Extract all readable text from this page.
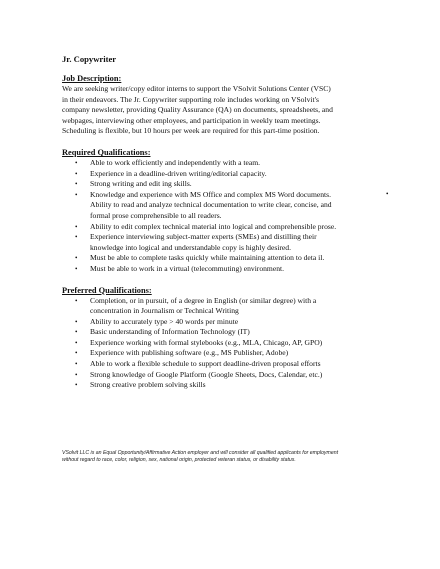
Jr. Copywriter

Job Description:

We are seeking writer/copy editor interns to support the VSolvit Solutions Center (VSC)

in their endeavors. The Jr. Copywriter supporting role includes working on VSolvit's

company newsletter, providing Quality Assurance (QA) on documents, spreadsheets, and

webpages, interviewing other employees, and participation in weekly team meetings.

Scheduling is flexible, but 10 hours per week are required for this part-time position.

Required Qualifications:

• Able to work efficiently and independently with a team.
• Experience in a deadline-driven writing/editorial capacity.
• Strong writing and edit ing skills.
• Knowledge and experience with MS Office and complex MS Word documents.
Ability to read and analyze technical documentation to write clear, concise, and
formal prose comprehensible to all readers.
• Ability to edit complex technical material into logical and comprehensible prose.
• Experience interviewing subject-matter experts (SMEs) and distilling their
knowledge into logical and understandable copy is highly desired.
• Must be able to complete tasks quickly while maintaining attention to deta il.
• Must be able to work in a virtual (telecommuting) environment.
•

Preferred Qualifications:

• Completion, or in pursuit, of a degree in English (or similar degree) with a
concentration in Journalism or Technical Writing
• Ability to accurately type > 40 words per minute
• Basic understanding of Information Technology (IT)
• Experience working with formal stylebooks (e.g., MLA, Chicago, AP, GPO)
• Experience with publishing software (e.g., MS Publisher, Adobe)
• Able to work a flexible schedule to support deadline-driven proposal efforts
• Strong knowledge of Google Platform (Google Sheets, Docs, Calendar, etc.)
• Strong creative problem solving skills
VSolvit LLC is an Equal Opportunity/Affirmative Action employer and will consider all qualified applicants for employment
without regard to race, color, religion, sex, national origin, protected veteran status, or disability status.
